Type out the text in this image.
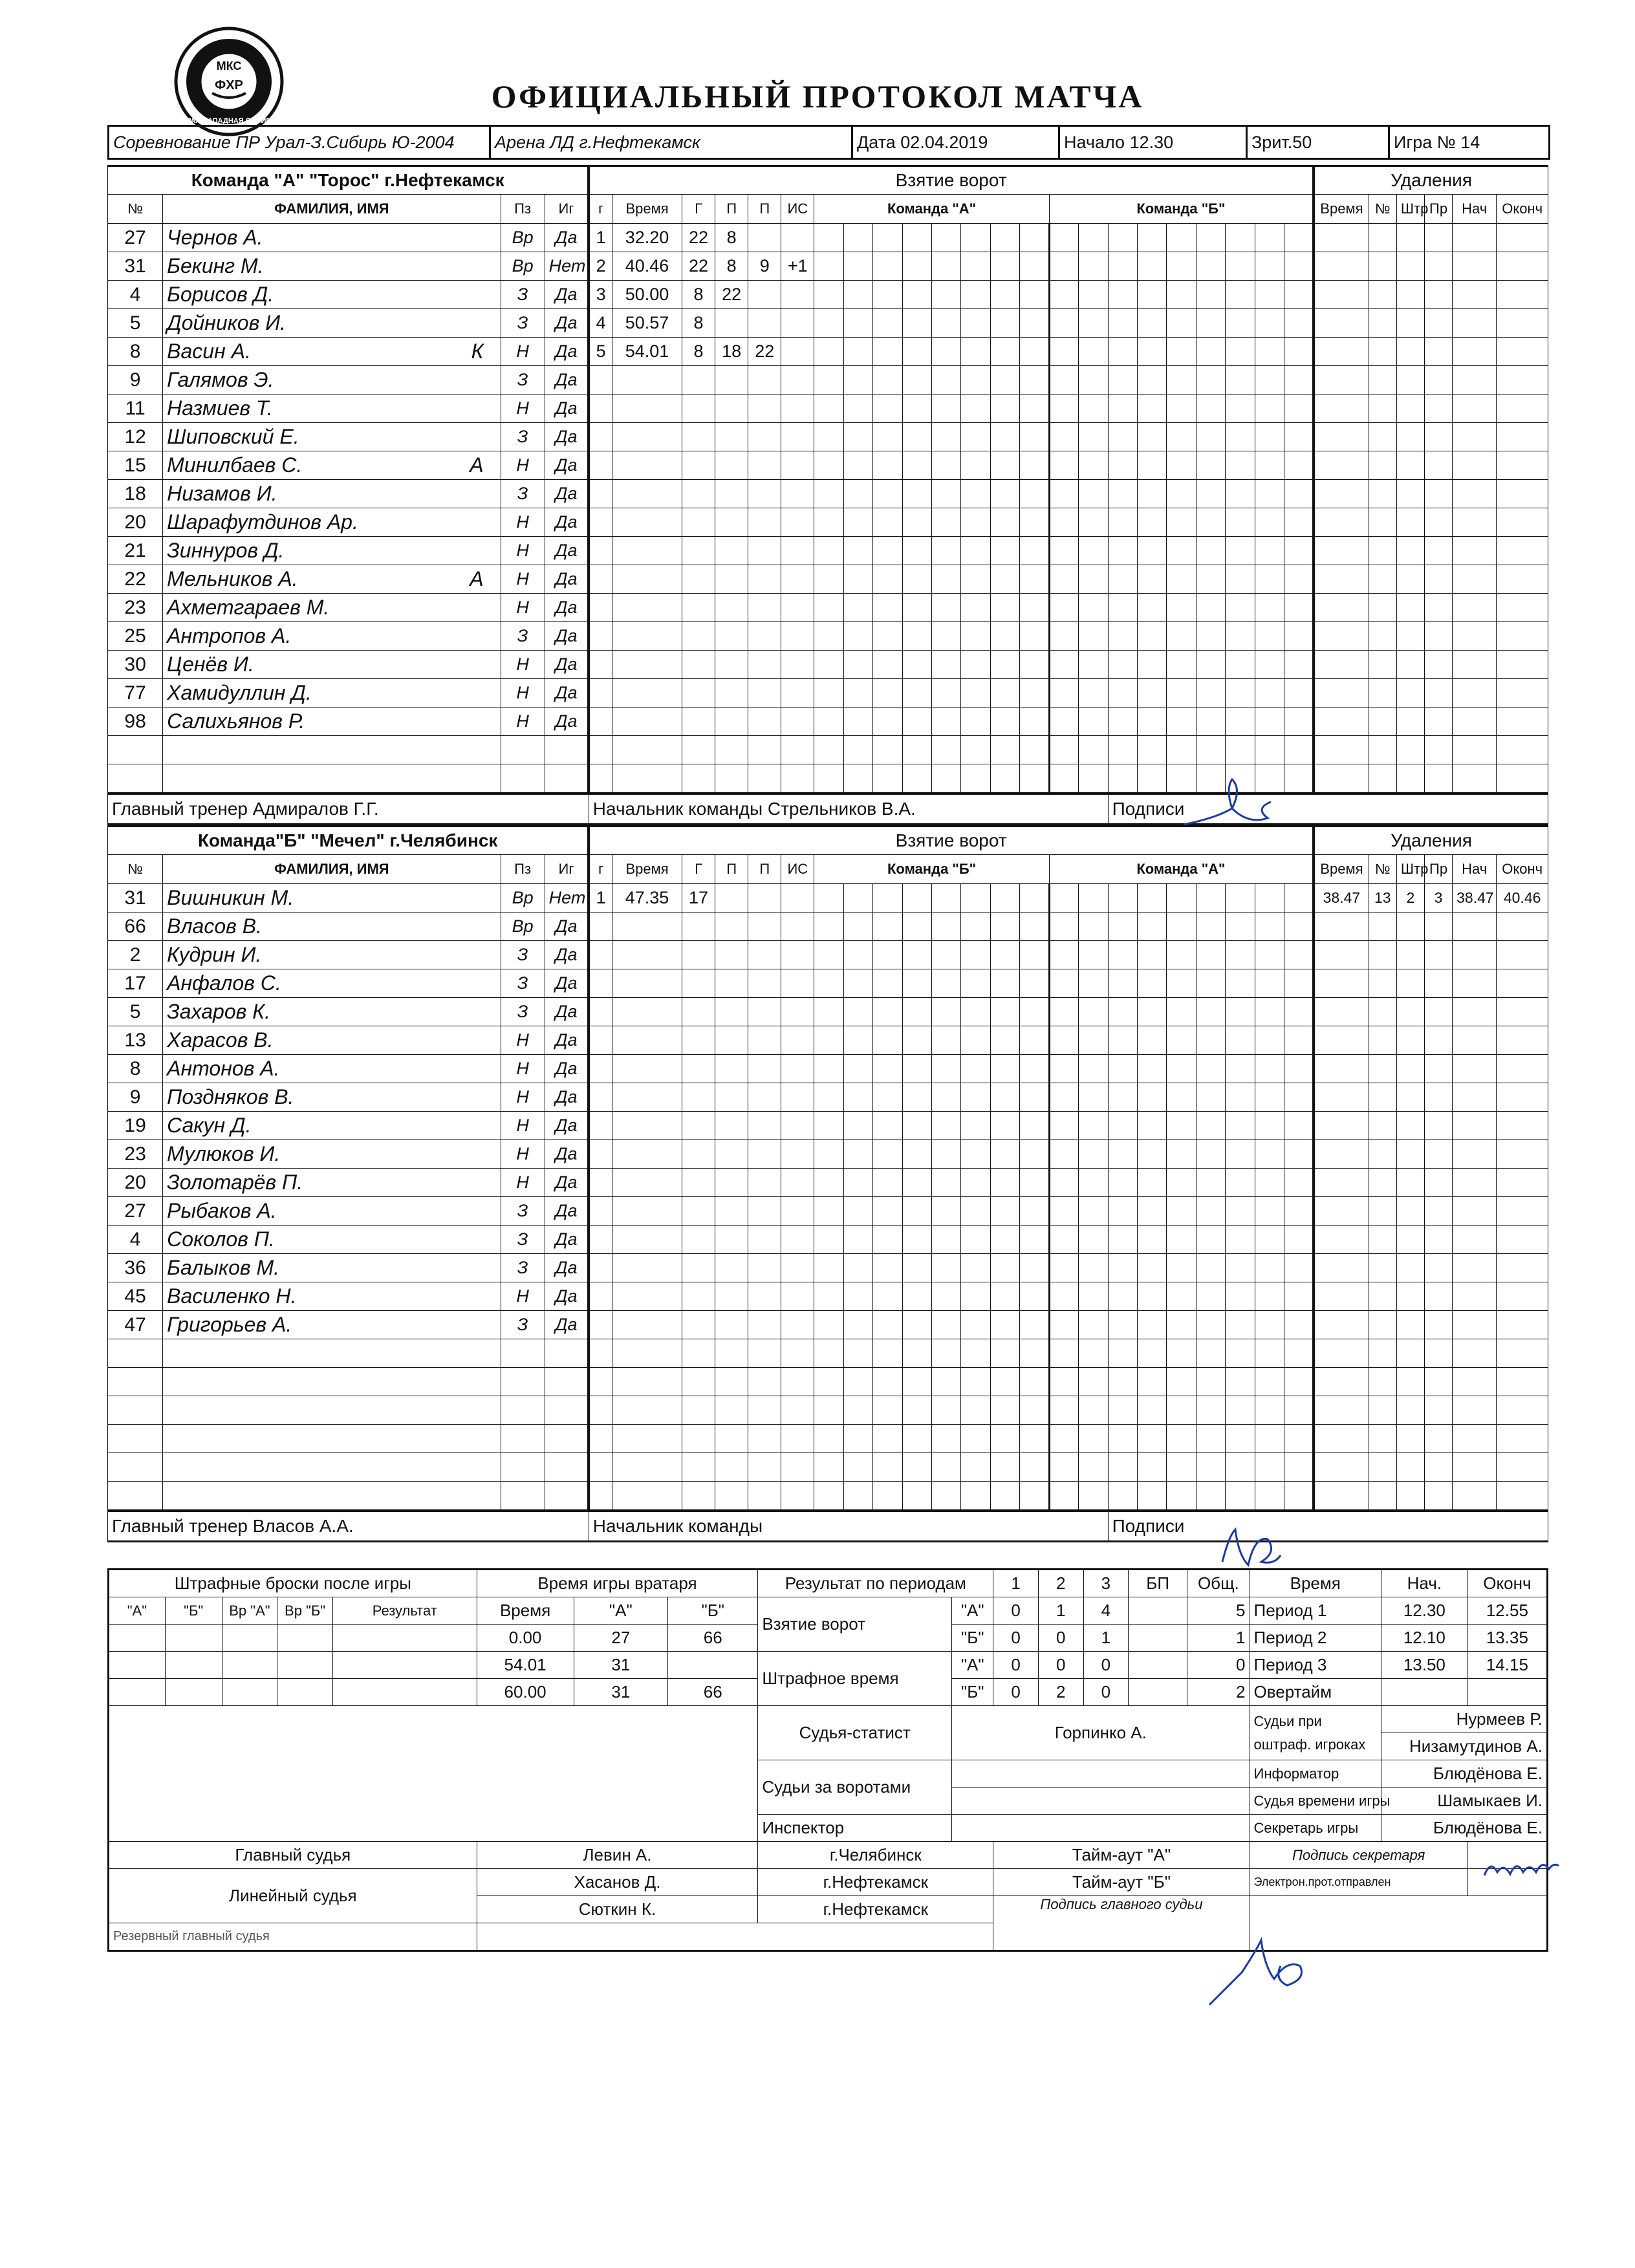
МКС
ФХР
УРАЛ-ЗАПАДНАЯ СИБИРЬ
ОФИЦИАЛЬНЫЙ ПРОТОКОЛ МАТЧА
Соревнование ПР Урал-З.Сибирь Ю-2004	Арена ЛД г.Нефтекамск	Дата 02.04.2019	Начало 12.30	Зрит.50	Игра № 14
Команда "А" "Торос" г.Нефтекамск				Взятие ворот																							Удаления					
№	ФАМИЛИЯ, ИМЯ	Пз	Иг	г	Время	Г	П	П	ИС	Команда "А"								Команда "Б"									Время	№	Штр	Пр	Нач	Оконч
27	Чернов А.	Вр	Да	1	32.20	22	8																									
31	Бекинг М.	Вр	Нет	2	40.46	22	8	9	+1																							
4	Борисов Д.	З	Да	3	50.00	8	22																									
5	Дойников И.	З	Да	4	50.57	8																										
8	Васин А. К	Н	Да	5	54.01	8	18	22																								
9	Галямов Э.	З	Да																													
11	Назмиев Т.	Н	Да																													
12	Шиповский Е.	З	Да																													
15	Минилбаев С. А	Н	Да																													
18	Низамов И.	З	Да																													
20	Шарафутдинов Ар.	Н	Да																													
21	Зиннуров Д.	Н	Да																													
22	Мельников А. А	Н	Да																													
23	Ахметгараев М.	Н	Да																													
25	Антропов А.	З	Да																													
30	Ценёв И.	Н	Да																													
77	Хамидуллин Д.	Н	Да																													
98	Салихьянов Р.	Н	Да																													

Главный тренер Адмиралов Г.Г.				Начальник команды Стрельников В.А.																Подписи												
Команда"Б" "Мечел" г.Челябинск				Взятие ворот																							Удаления					
№	ФАМИЛИЯ, ИМЯ	Пз	Иг	г	Время	Г	П	П	ИС	Команда "Б"								Команда "А"									Время	№	Штр	Пр	Нач	Оконч
31	Вишникин М.	Вр	Нет	1	47.35	17																					38.47	13	2	3	38.47	40.46
66	Власов В.	Вр	Да																													
2	Кудрин И.	З	Да																													
17	Анфалов С.	З	Да																													
5	Захаров К.	З	Да																													
13	Харасов В.	Н	Да																													
8	Антонов А.	Н	Да																													
9	Поздняков В.	Н	Да																													
19	Сакун Д.	Н	Да																													
23	Мулюков И.	Н	Да																													
20	Золотарёв П.	Н	Да																													
27	Рыбаков А.	З	Да																													
4	Соколов П.	З	Да																													
36	Балыков М.	З	Да																													
45	Василенко Н.	Н	Да																													
47	Григорьев А.	З	Да																													

Главный тренер Власов А.А.				Начальник команды																Подписи												
Штрафные броски после игры					Время игры вратаря			Результат по периодам		1	2	3	БП	Общ.	Время	Нач.	Оконч
"А"	"Б"	Вр "А"	Вр "Б"	Результат	Время	"А"	"Б"	Взятие ворот	"А"	0	1	4		5	Период 1	12.30	12.55
					0.00	27	66		"Б"	0	0	1		1	Период 2	12.10	13.35
					54.01	31		Штрафное время	"А"	0	0	0		0	Период 3	13.50	14.15
					60.00	31	66		"Б"	0	2	0		2	Овертайм		
								Судья-статист	Горпинко А.						Судьи при оштраф. игроках	Нурмеев Р.	
																Низамутдинов А.	
								Судьи за воротами							Информатор	Блюдёнова Е.	
															Судья времени игры	Шамыкаев И.	
								Инспектор							Секретарь игры	Блюдёнова Е.	
Главный судья					Левин А.			г.Челябинск		Тайм-аут "А"					Подпись секретаря		
Линейный судья					Хасанов Д.			г.Нефтекамск		Тайм-аут "Б"					Электрон.прот.отправлен		
					Сюткин К.			г.Нефтекамск		Подпись главного судьи							
Резервный главный судья																	
